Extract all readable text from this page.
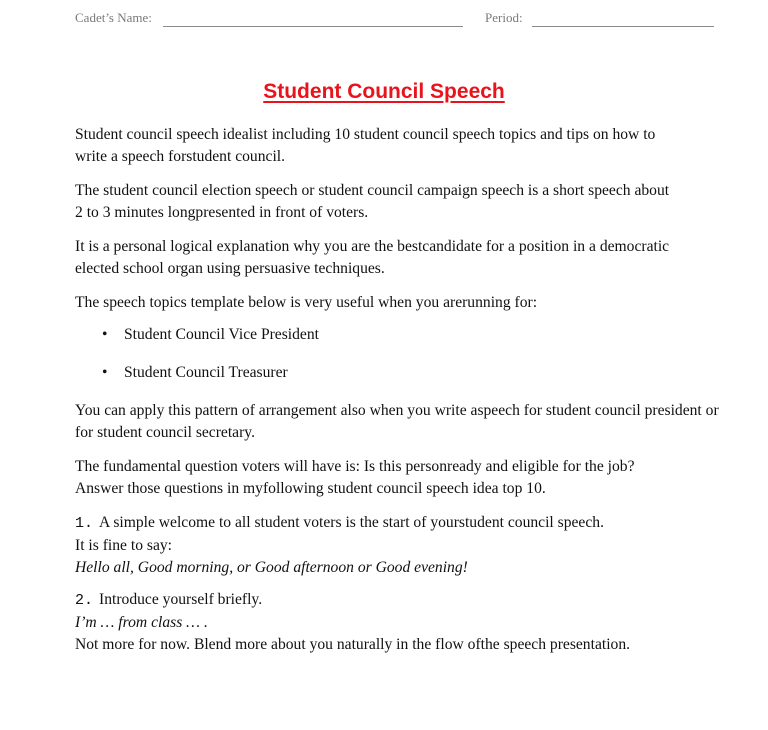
Cadet’s Name:	Period:
Student Council Speech

Student council speech idealist including 10 student council speech topics and tips on how to write a speech forstudent council.

The student council election speech or student council campaign speech is a short speech about 2 to 3 minutes longpresented in front of voters.

It is a personal logical explanation why you are the bestcandidate for a position in a democratic elected school organ using persuasive techniques.

The speech topics template below is very useful when you arerunning for:

• Student Council Vice President
• Student Council Treasurer

You can apply this pattern of arrangement also when you write aspeech for student council president or for student council secretary.

The fundamental question voters will have is: Is this personready and eligible for the job? Answer those questions in myfollowing student council speech idea top 10.

1. A simple welcome to all student voters is the start of yourstudent council speech.
It is fine to say:
Hello all, Good morning, or Good afternoon or Good evening!
2. Introduce yourself briefly.
I’m … from class … .
Not more for now. Blend more about you naturally in the flow ofthe speech presentation.
